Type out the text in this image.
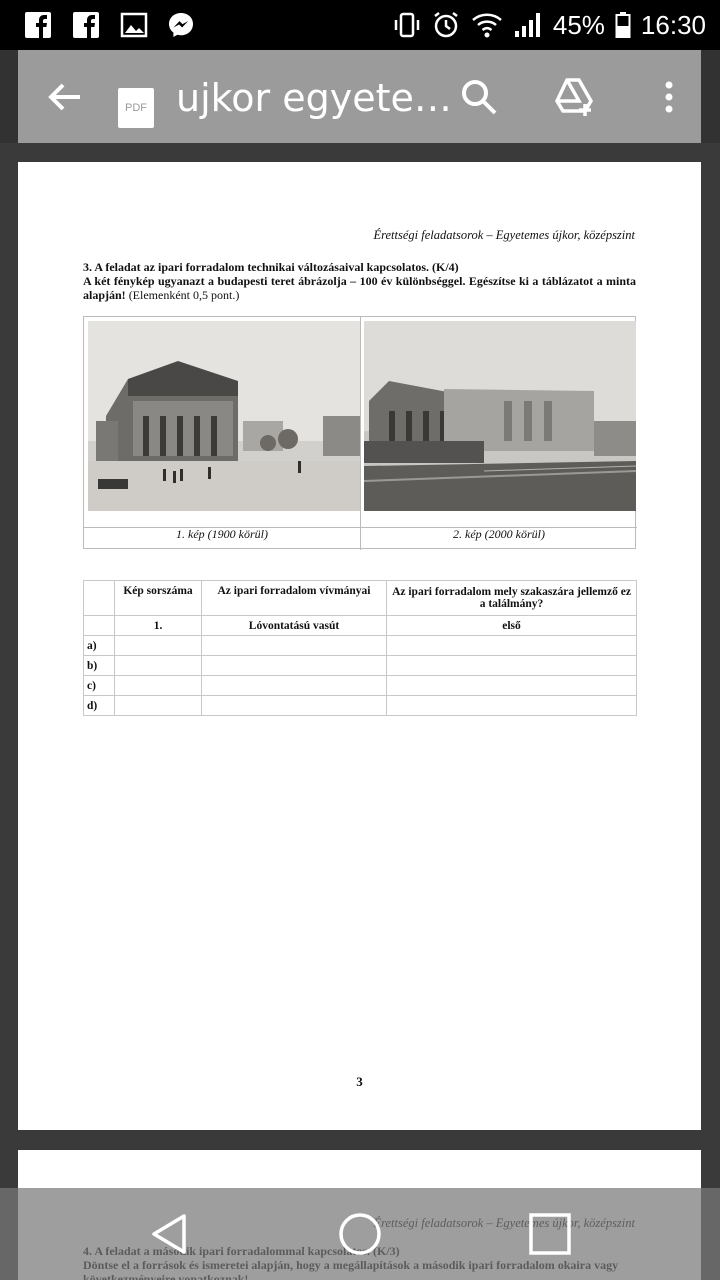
45% 16:30
PDF ujkor egyete…
Érettségi feladatsorok – Egyetemes újkor, középszint
3. A feladat az ipari forradalom technikai változásaival kapcsolatos. (K/4)
A két fénykép ugyanazt a budapesti teret ábrázolja – 100 év különbséggel. Egészítse ki a táblázatot a minta alapján! (Elemenként 0,5 pont.)
1. kép (1900 körül)	2. kép (2000 körül)
	Kép sorszáma	Az ipari forradalom vívmányai	Az ipari forradalom mely szakaszára jellemző ez a találmány?
	1.	Lóvontatású vasút	első
a)			
b)			
c)			
d)			
3
